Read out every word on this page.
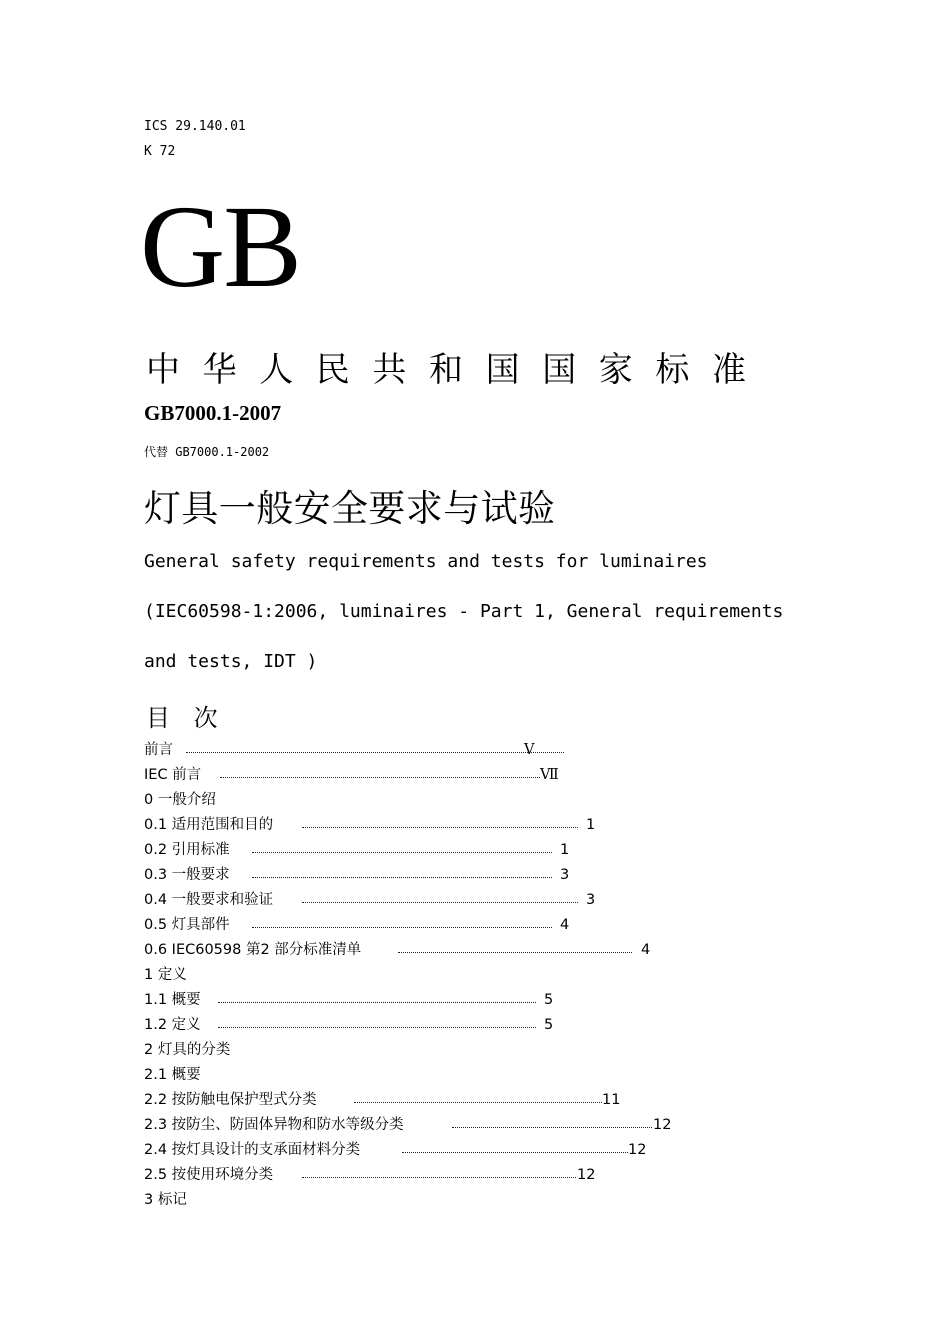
ICS 29.140.01
K 72
GB
中华人民共和国国家标准
GB7000.1-2007
代替 GB7000.1-2002
灯具一般安全要求与试验
General safety requirements and tests for luminaires
(IEC60598-1:2006, luminaires - Part 1, General requirements
and tests, IDT )
目 次
前言	Ⅴ
IEC 前言	Ⅶ
0 一般介绍
0.1 适用范围和目的	1
0.2 引用标准	1
0.3 一般要求	3
0.4 一般要求和验证	3
0.5 灯具部件	4
0.6 IEC60598 第2 部分标准清单	4
1 定义
1.1 概要	5
1.2 定义	5
2 灯具的分类
2.1 概要
2.2 按防触电保护型式分类	11
2.3 按防尘、防固体异物和防水等级分类	12
2.4 按灯具设计的支承面材料分类	12
2.5 按使用环境分类	12
3 标记
